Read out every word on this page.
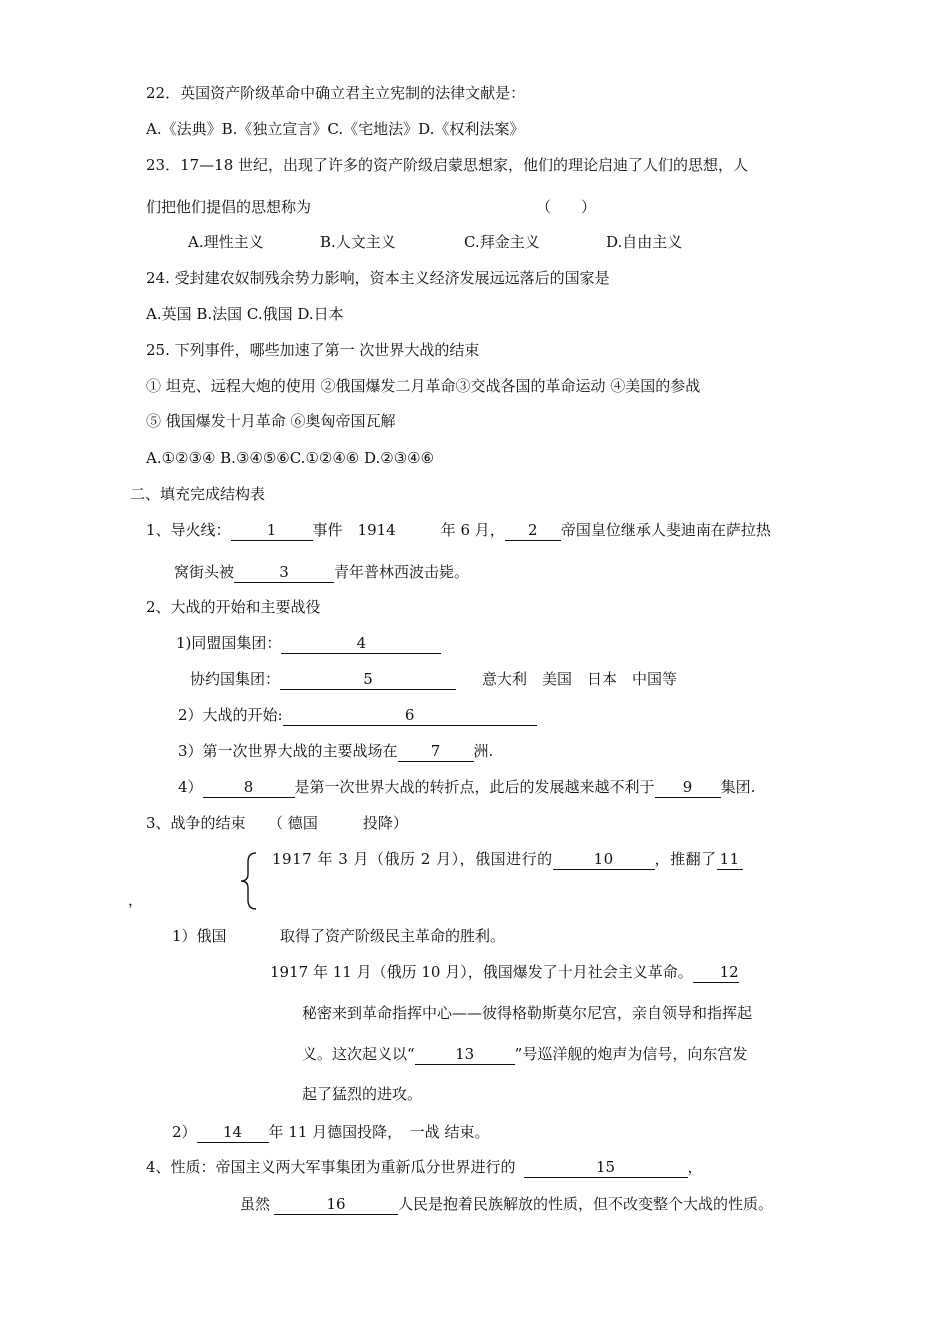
22．英国资产阶级革命中确立君主立宪制的法律文献是：
A.《法典》B.《独立宣言》C.《宅地法》D.《权利法案》
23．17—18 世纪，出现了许多的资产阶级启蒙思想家，他们的理论启迪了人们的思想，人
们把他们提倡的思想称为	（　　）
A.理性主义	B.人文主义	C.拜金主义	D.自由主义
24. 受封建农奴制残余势力影响，资本主义经济发展远远落后的国家是
A.英国 B.法国 C.俄国 D.日本
25. 下列事件，哪些加速了第一 次世界大战的结束
① 坦克、远程大炮的使用 ②俄国爆发二月革命③交战各国的革命运动 ④美国的参战
⑤ 俄国爆发十月革命 ⑥奥匈帝国瓦解
A.①②③④ B.③④⑤⑥C.①②④⑥ D.②③④⑥
二、填充完成结构表
1、导火线： 1 事件　1914　　　年 6 月， 2 帝国皇位继承人斐迪南在萨拉热
窝街头被	3	青年普林西波击毙。
2、大战的开始和主要战役
1)同盟国集团：	4
协约国集团：	5	意大利　美国　日本　中国等
2）大战的开始:	6
3）第一次世界大战的主要战场在 7 洲.
4）	8	是第一次世界大战的转折点，此后的发展越来越不利于 9 集团.
3、战争的结束　　（ 德国　　　投降）
1917 年 3 月（俄历 2 月），俄国进行的	10	，推翻了 11
，
1）俄国	取得了资产阶级民主革命的胜利。
1917 年 11 月（俄历 10 月），俄国爆发了十月社会主义革命。 12
秘密来到革命指挥中心——彼得格勒斯莫尔尼宫，亲自领导和指挥起
义。这次起义以“	13	”号巡洋舰的炮声为信号，向东宫发
起了猛烈的进攻。
2） 14 年 11 月德国投降，　一战 结束。
4、性质：帝国主义两大军事集团为重新瓜分世界进行的	15	，
虽然	16	人民是抱着民族解放的性质，但不改变整个大战的性质。
